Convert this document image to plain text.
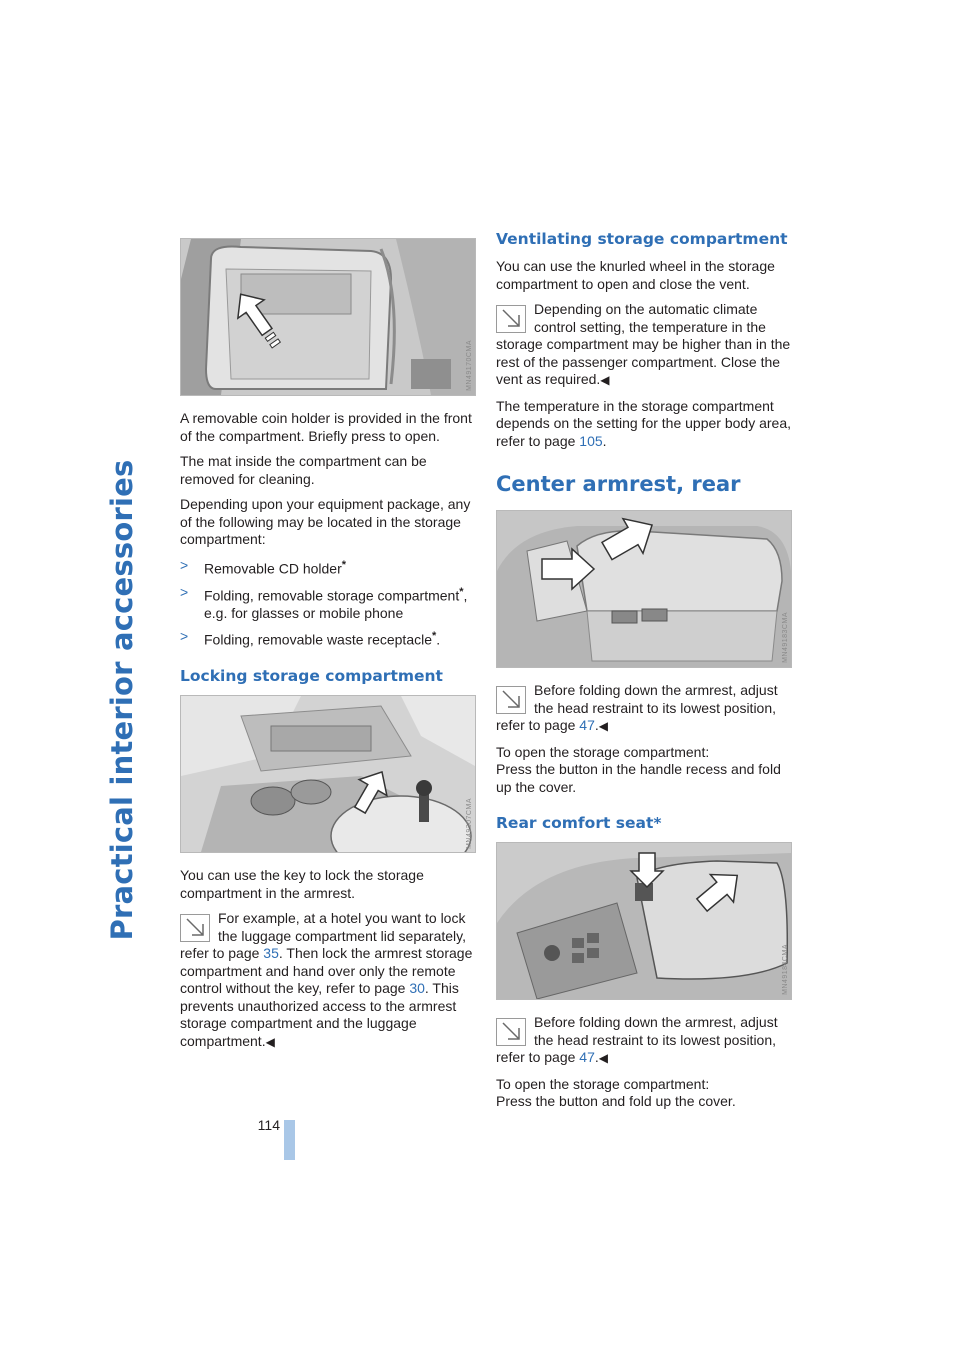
Practical interior accessories
MN49170CMA

A removable coin holder is provided in the front of the compartment. Briefly press to open.

The mat inside the compartment can be removed for cleaning.

Depending upon your equipment package, any of the following may be located in the storage compartment:

> Removable CD holder*
> Folding, removable storage compartment*, e.g. for glasses or mobile phone
> Folding, removable waste receptacle*.
Locking storage compartment
MN49307CMA

You can use the key to lock the storage compartment in the armrest.

For example, at a hotel you want to lock the luggage compartment lid separately, refer to page 35. Then lock the armrest storage compartment and hand over only the remote control without the key, refer to page 30. This prevents unauthorized access to the armrest storage compartment and the luggage compartment.◀
Ventilating storage compartment

You can use the knurled wheel in the storage compartment to open and close the vent.

Depending on the automatic climate control setting, the temperature in the storage compartment may be higher than in the rest of the passenger compartment. Close the vent as required.◀

The temperature in the storage compartment depends on the setting for the upper body area, refer to page 105.

Center armrest, rear
MN49183CMA
Before folding down the armrest, adjust the head restraint to its lowest position, refer to page 47.◀

To open the storage compartment:
Press the button in the handle recess and fold up the cover.

Rear comfort seat*
MN49184CMA
Before folding down the armrest, adjust the head restraint to its lowest position, refer to page 47.◀

To open the storage compartment:
Press the button and fold up the cover.

114
